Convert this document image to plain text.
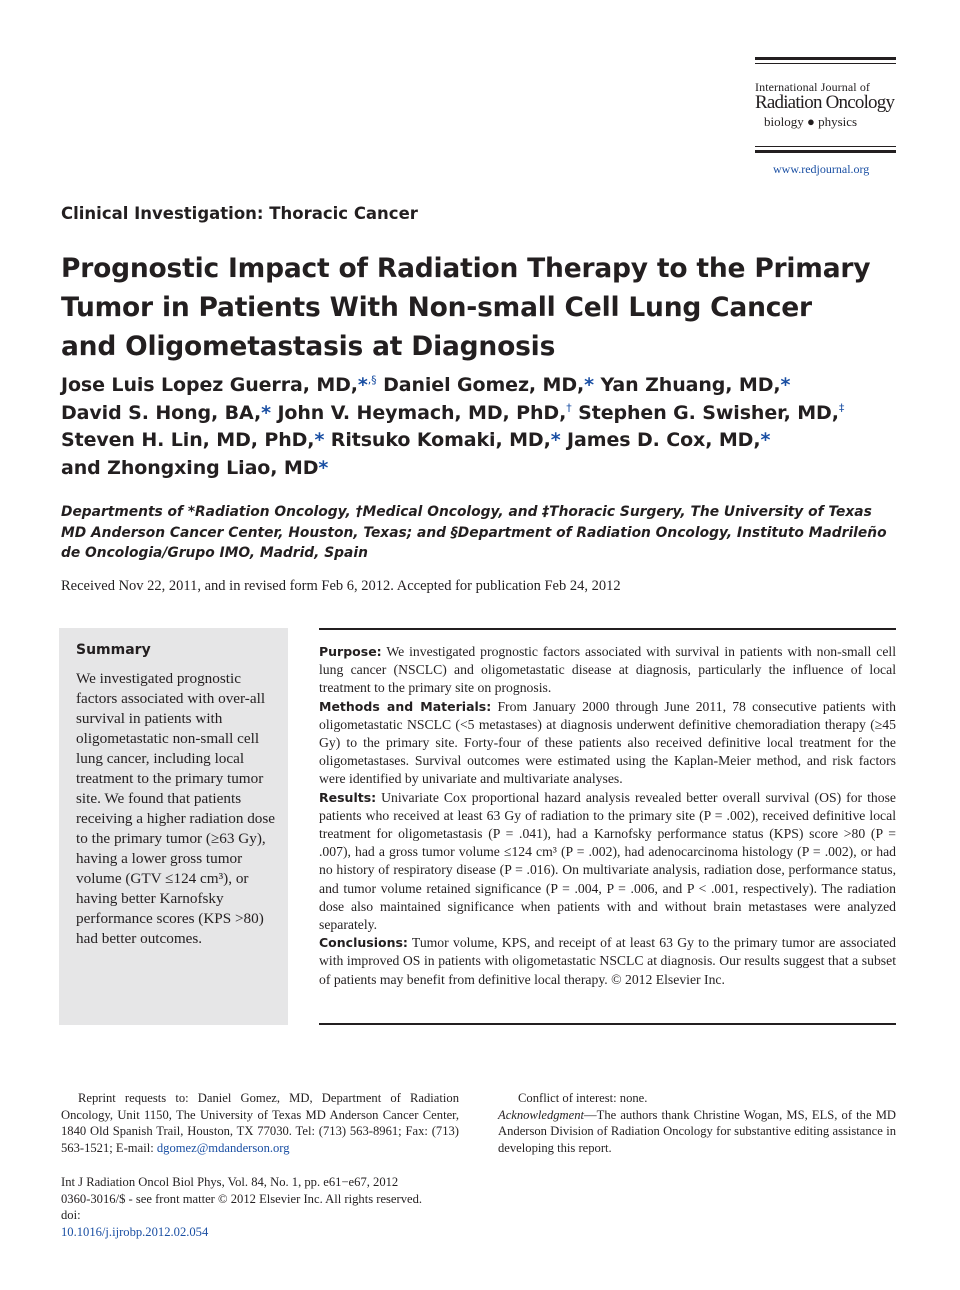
International Journal of
Radiation Oncology
biology ● physics
www.redjournal.org
Clinical Investigation: Thoracic Cancer
Prognostic Impact of Radiation Therapy to the Primary
Tumor in Patients With Non-small Cell Lung Cancer
and Oligometastasis at Diagnosis
Jose Luis Lopez Guerra, MD,*,§ Daniel Gomez, MD,* Yan Zhuang, MD,*
David S. Hong, BA,* John V. Heymach, MD, PhD,† Stephen G. Swisher, MD,‡
Steven H. Lin, MD, PhD,* Ritsuko Komaki, MD,* James D. Cox, MD,*
and Zhongxing Liao, MD*
Departments of *Radiation Oncology, †Medical Oncology, and ‡Thoracic Surgery, The University of Texas MD Anderson Cancer Center, Houston, Texas; and §Department of Radiation Oncology, Instituto Madrileño de Oncologia/Grupo IMO, Madrid, Spain
Received Nov 22, 2011, and in revised form Feb 6, 2012. Accepted for publication Feb 24, 2012
Summary
We investigated prognostic factors associated with over-all survival in patients with oligometastatic non-small cell lung cancer, including local treatment to the primary tumor site. We found that patients receiving a higher radiation dose to the primary tumor (≥63 Gy), having a lower gross tumor volume (GTV ≤124 cm³), or having better Karnofsky performance scores (KPS >80) had better outcomes.

Purpose: We investigated prognostic factors associated with survival in patients with non-small cell lung cancer (NSCLC) and oligometastatic disease at diagnosis, particularly the influence of local treatment to the primary site on prognosis.

Methods and Materials: From January 2000 through June 2011, 78 consecutive patients with oligometastatic NSCLC (<5 metastases) at diagnosis underwent definitive chemoradiation therapy (≥45 Gy) to the primary site. Forty-four of these patients also received definitive local treatment for the oligometastases. Survival outcomes were estimated using the Kaplan-Meier method, and risk factors were identified by univariate and multivariate analyses.

Results: Univariate Cox proportional hazard analysis revealed better overall survival (OS) for those patients who received at least 63 Gy of radiation to the primary site (P = .002), received definitive local treatment for oligometastasis (P = .041), had a Karnofsky performance status (KPS) score >80 (P = .007), had a gross tumor volume ≤124 cm³ (P = .002), had adenocarcinoma histology (P = .002), or had no history of respiratory disease (P = .016). On multivariate analysis, radiation dose, performance status, and tumor volume retained significance (P = .004, P = .006, and P < .001, respectively). The radiation dose also maintained significance when patients with and without brain metastases were analyzed separately.

Conclusions: Tumor volume, KPS, and receipt of at least 63 Gy to the primary tumor are associated with improved OS in patients with oligometastatic NSCLC at diagnosis. Our results suggest that a subset of patients may benefit from definitive local therapy. © 2012 Elsevier Inc.

Reprint requests to: Daniel Gomez, MD, Department of Radiation Oncology, Unit 1150, The University of Texas MD Anderson Cancer Center, 1840 Old Spanish Trail, Houston, TX 77030. Tel: (713) 563-8961; Fax: (713) 563-1521; E-mail: dgomez@mdanderson.org
Conflict of interest: none.
Acknowledgment—The authors thank Christine Wogan, MS, ELS, of the MD Anderson Division of Radiation Oncology for substantive editing assistance in developing this report.
Int J Radiation Oncol Biol Phys, Vol. 84, No. 1, pp. e61−e67, 2012
0360-3016/$ - see front matter © 2012 Elsevier Inc. All rights reserved.
doi:
10.1016/j.ijrobp.2012.02.054
